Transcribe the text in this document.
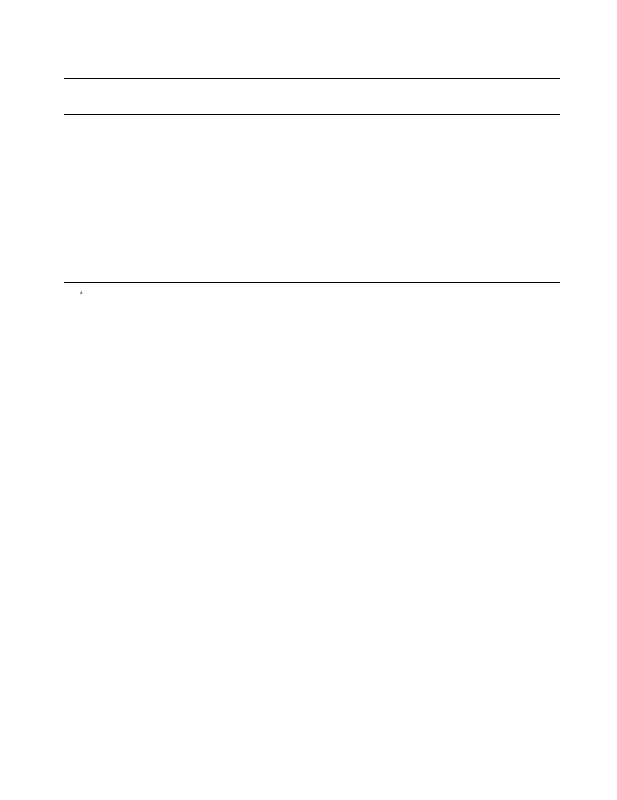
a
